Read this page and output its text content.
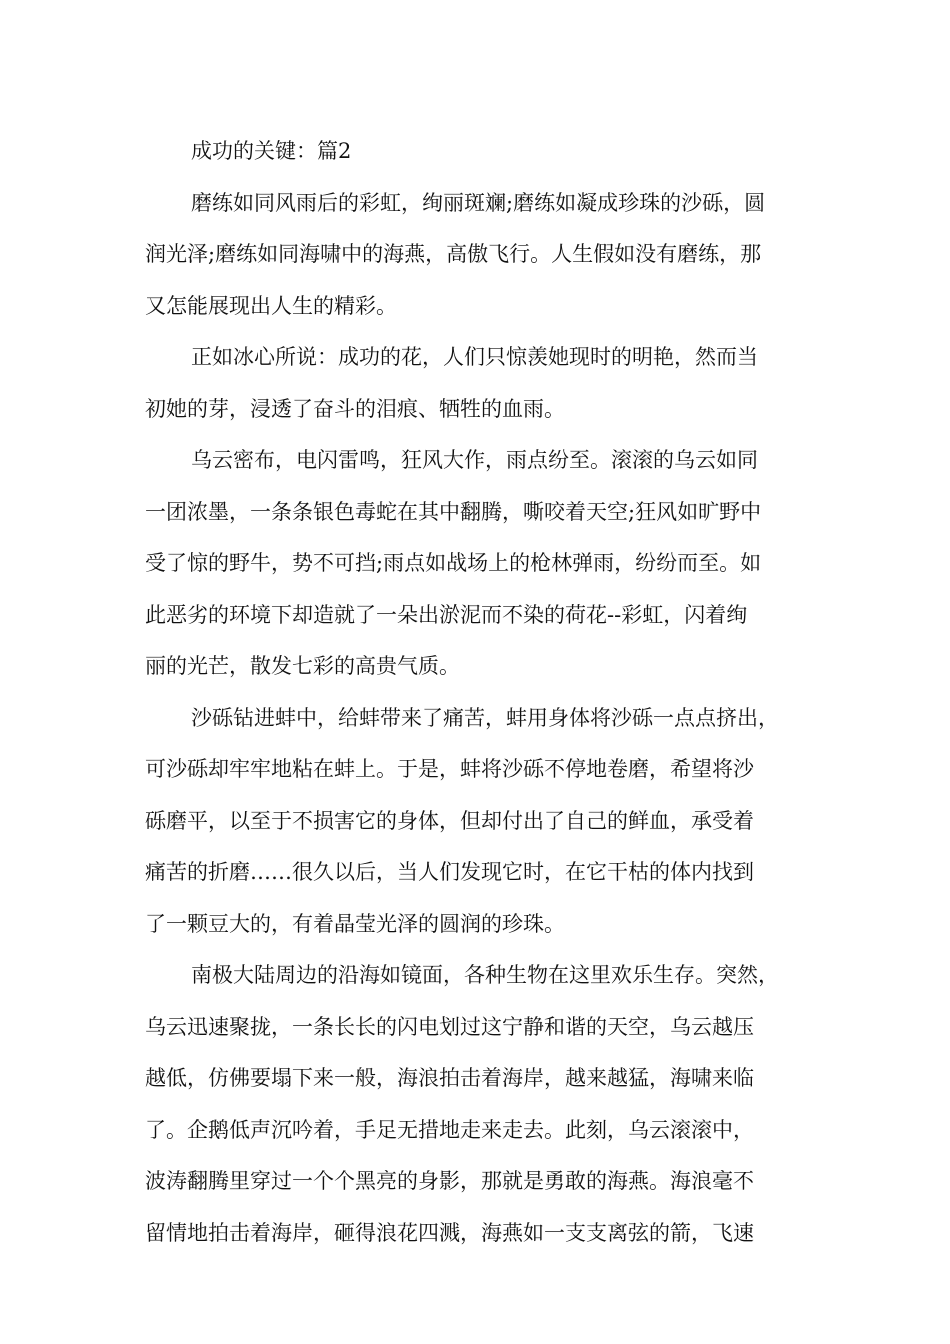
成功的关键：篇2
磨练如同风雨后的彩虹，绚丽斑斓;磨练如凝成珍珠的沙砾，圆
润光泽;磨练如同海啸中的海燕，高傲飞行。人生假如没有磨练，那
又怎能展现出人生的精彩。
正如冰心所说：成功的花，人们只惊羡她现时的明艳，然而当
初她的芽，浸透了奋斗的泪痕、牺牲的血雨。
乌云密布，电闪雷鸣，狂风大作，雨点纷至。滚滚的乌云如同
一团浓墨，一条条银色毒蛇在其中翻腾，嘶咬着天空;狂风如旷野中
受了惊的野牛，势不可挡;雨点如战场上的枪林弹雨，纷纷而至。如
此恶劣的环境下却造就了一朵出淤泥而不染的荷花--彩虹，闪着绚
丽的光芒，散发七彩的高贵气质。
沙砾钻进蚌中，给蚌带来了痛苦，蚌用身体将沙砾一点点挤出，
可沙砾却牢牢地粘在蚌上。于是，蚌将沙砾不停地卷磨，希望将沙
砾磨平，以至于不损害它的身体，但却付出了自己的鲜血，承受着
痛苦的折磨……很久以后，当人们发现它时，在它干枯的体内找到
了一颗豆大的，有着晶莹光泽的圆润的珍珠。
南极大陆周边的沿海如镜面，各种生物在这里欢乐生存。突然，
乌云迅速聚拢，一条长长的闪电划过这宁静和谐的天空，乌云越压
越低，仿佛要塌下来一般，海浪拍击着海岸，越来越猛，海啸来临
了。企鹅低声沉吟着，手足无措地走来走去。此刻，乌云滚滚中，
波涛翻腾里穿过一个个黑亮的身影，那就是勇敢的海燕。海浪毫不
留情地拍击着海岸，砸得浪花四溅，海燕如一支支离弦的箭，飞速
